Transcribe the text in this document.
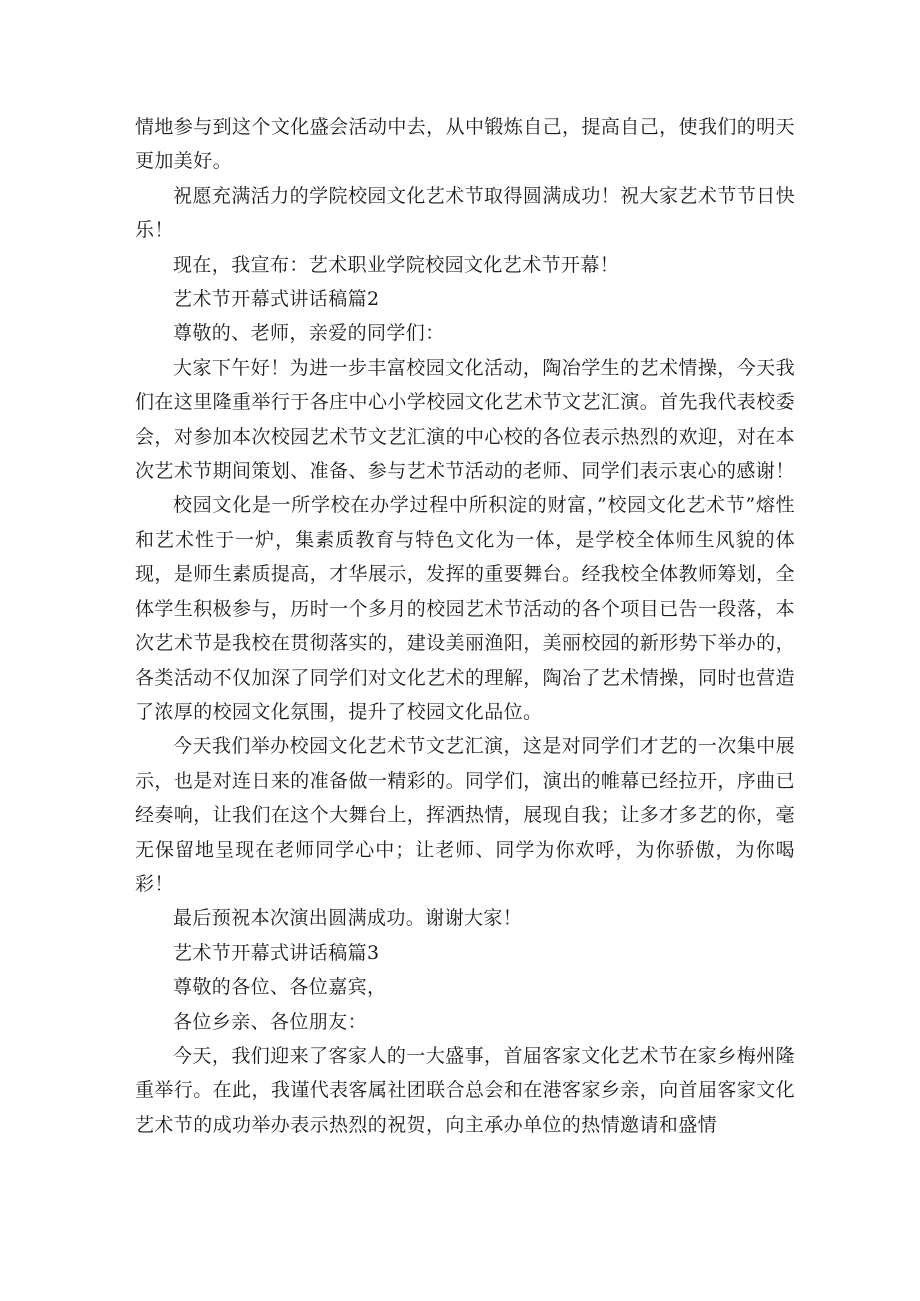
情地参与到这个文化盛会活动中去，从中锻炼自己，提高自己，使我们的明天更加美好。

祝愿充满活力的学院校园文化艺术节取得圆满成功！祝大家艺术节节日快乐！

现在，我宣布：艺术职业学院校园文化艺术节开幕！

艺术节开幕式讲话稿篇2

尊敬的、老师，亲爱的同学们：

大家下午好！为进一步丰富校园文化活动，陶冶学生的艺术情操，今天我们在这里隆重举行于各庄中心小学校园文化艺术节文艺汇演。首先我代表校委会，对参加本次校园艺术节文艺汇演的中心校的各位表示热烈的欢迎，对在本次艺术节期间策划、准备、参与艺术节活动的老师、同学们表示衷心的感谢！

校园文化是一所学校在办学过程中所积淀的财富，”校园文化艺术节”熔性和艺术性于一炉，集素质教育与特色文化为一体，是学校全体师生风貌的体现，是师生素质提高，才华展示，发挥的重要舞台。经我校全体教师筹划，全体学生积极参与，历时一个多月的校园艺术节活动的各个项目已告一段落，本次艺术节是我校在贯彻落实的，建设美丽渔阳，美丽校园的新形势下举办的，各类活动不仅加深了同学们对文化艺术的理解，陶冶了艺术情操，同时也营造了浓厚的校园文化氛围，提升了校园文化品位。

今天我们举办校园文化艺术节文艺汇演，这是对同学们才艺的一次集中展示，也是对连日来的准备做一精彩的。同学们，演出的帷幕已经拉开，序曲已经奏响，让我们在这个大舞台上，挥洒热情，展现自我；让多才多艺的你，毫无保留地呈现在老师同学心中；让老师、同学为你欢呼，为你骄傲，为你喝彩！

最后预祝本次演出圆满成功。谢谢大家！

艺术节开幕式讲话稿篇3

尊敬的各位、各位嘉宾，

各位乡亲、各位朋友：

今天，我们迎来了客家人的一大盛事，首届客家文化艺术节在家乡梅州隆重举行。在此，我谨代表客属社团联合总会和在港客家乡亲，向首届客家文化艺术节的成功举办表示热烈的祝贺，向主承办单位的热情邀请和盛情
